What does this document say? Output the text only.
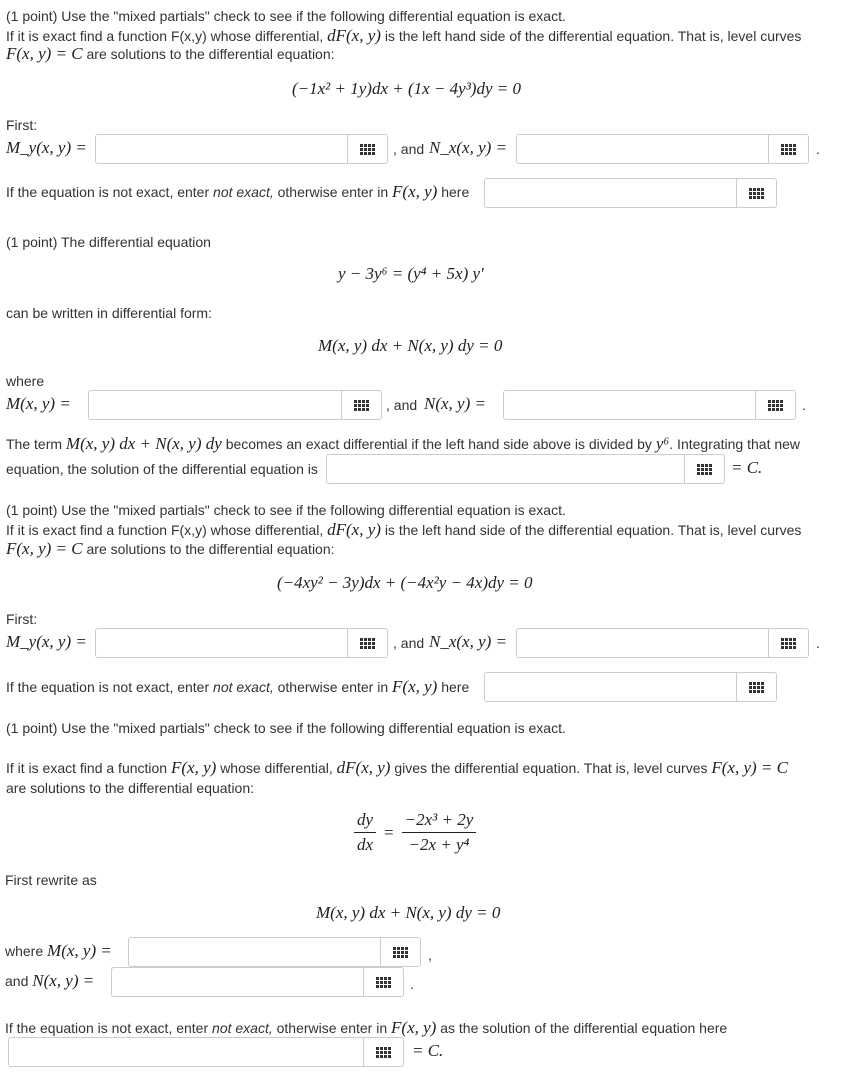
(1 point) Use the "mixed partials" check to see if the following differential equation is exact.
If it is exact find a function F(x,y) whose differential, dF(x, y) is the left hand side of the differential equation. That is, level curves
F(x, y) = C are solutions to the differential equation:
(−1x² + 1y)dx + (1x − 4y³)dy = 0
First:
M_y(x, y) =	, and N_x(x, y) =	.
If the equation is not exact, enter not exact, otherwise enter in F(x, y) here
(1 point) The differential equation
y − 3y⁶ = (y⁴ + 5x) y′
can be written in differential form:
M(x, y) dx + N(x, y) dy = 0
where
M(x, y) =	, and N(x, y) =	.
The term M(x, y) dx + N(x, y) dy becomes an exact differential if the left hand side above is divided by y⁶. Integrating that new
equation, the solution of the differential equation is	= C.
(1 point) Use the "mixed partials" check to see if the following differential equation is exact.
If it is exact find a function F(x,y) whose differential, dF(x, y) is the left hand side of the differential equation. That is, level curves
F(x, y) = C are solutions to the differential equation:
(−4xy² − 3y)dx + (−4x²y − 4x)dy = 0
First:
M_y(x, y) =	, and N_x(x, y) =	.
If the equation is not exact, enter not exact, otherwise enter in F(x, y) here
(1 point) Use the "mixed partials" check to see if the following differential equation is exact.
If it is exact find a function F(x, y) whose differential, dF(x, y) gives the differential equation. That is, level curves F(x, y) = C
are solutions to the differential equation:
$\frac{dy}{dx} = \frac{\text{−2x³ + 2y}}{\text{−2x + y⁴}}$
First rewrite as
M(x, y) dx + N(x, y) dy = 0
where M(x, y) =	,
and N(x, y) =	.
If the equation is not exact, enter not exact, otherwise enter in F(x, y) as the solution of the differential equation here
= C.
